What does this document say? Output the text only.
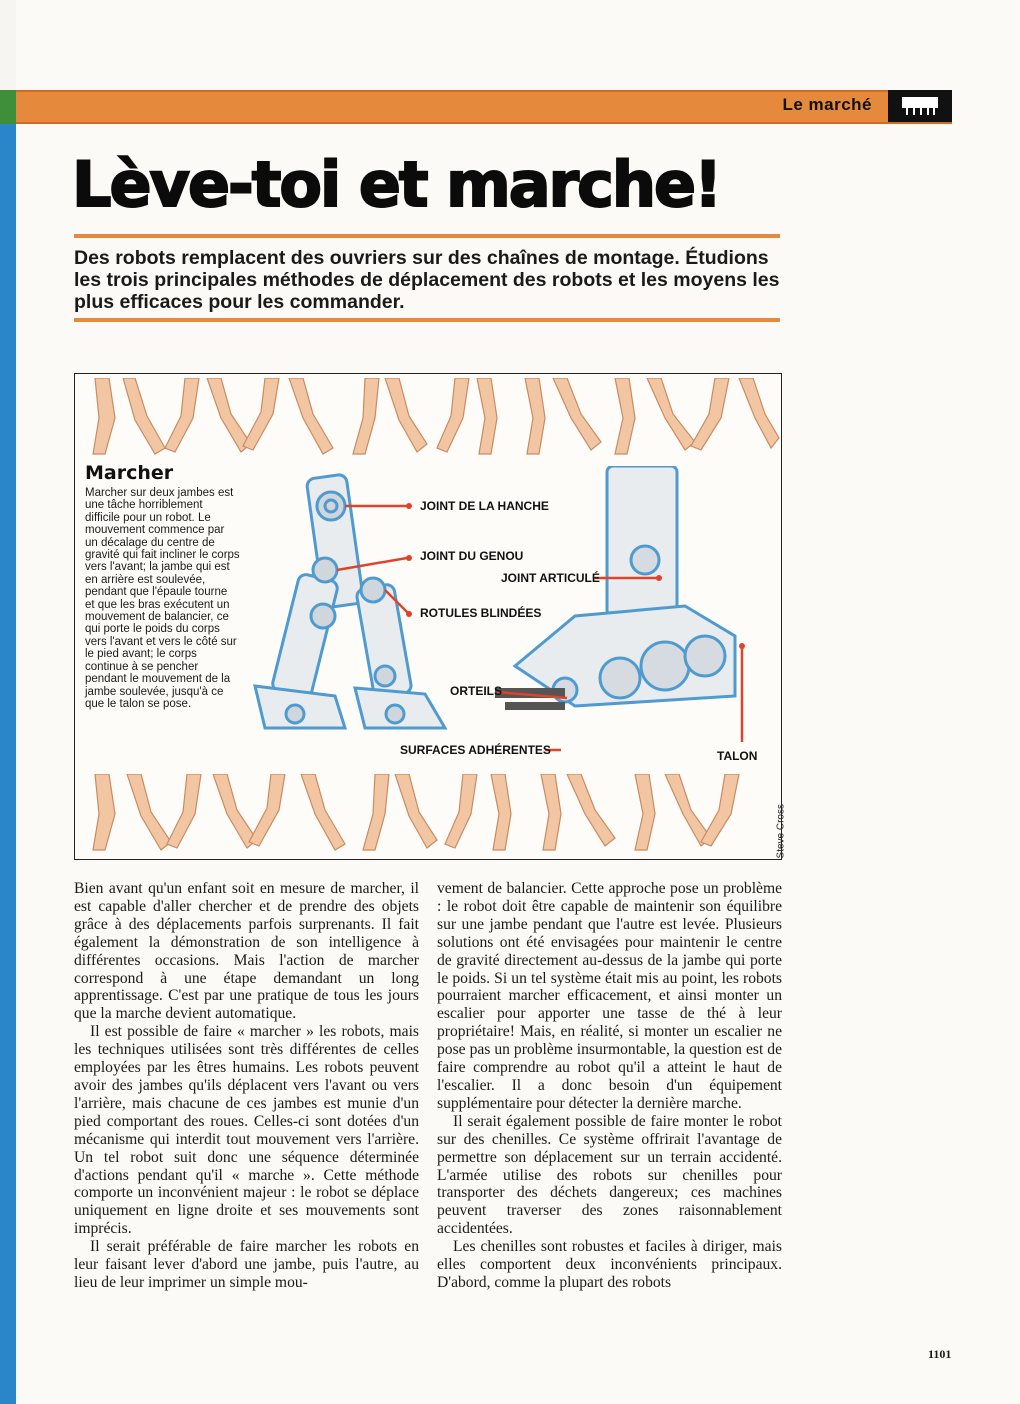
Le marché
Lève-toi et marche!

Des robots remplacent des ouvriers sur des chaînes de montage. Étudions les trois principales méthodes de déplacement des robots et les moyens les plus efficaces pour les commander.

Marcher

Marcher sur deux jambes est une tâche horriblement difficile pour un robot. Le mouvement commence par un décalage du centre de gravité qui fait incliner le corps vers l'avant; la jambe qui est en arrière est soulevée, pendant que l'épaule tourne et que les bras exécutent un mouvement de balancier, ce qui porte le poids du corps vers l'avant et vers le côté sur le pied avant; le corps continue à se pencher pendant le mouvement de la jambe soulevée, jusqu'à ce que le talon se pose.

JOINT DE LA HANCHE
JOINT DU GENOU
JOINT ARTICULÉ
ROTULES BLINDÉES
ORTEILS
SURFACES ADHÉRENTES	TALON
Steve Cross

Bien avant qu'un enfant soit en mesure de marcher, il est capable d'aller chercher et de prendre des objets grâce à des déplacements parfois surprenants. Il fait également la démonstration de son intelligence à différentes occasions. Mais l'action de marcher correspond à une étape demandant un long apprentissage. C'est par une pratique de tous les jours que la marche devient automatique.

Il est possible de faire « marcher » les robots, mais les techniques utilisées sont très différentes de celles employées par les êtres humains. Les robots peuvent avoir des jambes qu'ils déplacent vers l'avant ou vers l'arrière, mais chacune de ces jambes est munie d'un pied comportant des roues. Celles-ci sont dotées d'un mécanisme qui interdit tout mouvement vers l'arrière. Un tel robot suit donc une séquence déterminée d'actions pendant qu'il « marche ». Cette méthode comporte un inconvénient majeur : le robot se déplace uniquement en ligne droite et ses mouvements sont imprécis.

Il serait préférable de faire marcher les robots en leur faisant lever d'abord une jambe, puis l'autre, au lieu de leur imprimer un simple mou-

vement de balancier. Cette approche pose un problème : le robot doit être capable de maintenir son équilibre sur une jambe pendant que l'autre est levée. Plusieurs solutions ont été envisagées pour maintenir le centre de gravité directement au-dessus de la jambe qui porte le poids. Si un tel système était mis au point, les robots pourraient marcher efficacement, et ainsi monter un escalier pour apporter une tasse de thé à leur propriétaire! Mais, en réalité, si monter un escalier ne pose pas un problème insurmontable, la question est de faire comprendre au robot qu'il a atteint le haut de l'escalier. Il a donc besoin d'un équipement supplémentaire pour détecter la dernière marche.

Il serait également possible de faire monter le robot sur des chenilles. Ce système offrirait l'avantage de permettre son déplacement sur un terrain accidenté. L'armée utilise des robots sur chenilles pour transporter des déchets dangereux; ces machines peuvent traverser des zones raisonnablement accidentées.

Les chenilles sont robustes et faciles à diriger, mais elles comportent deux inconvénients principaux. D'abord, comme la plupart des robots

1101
